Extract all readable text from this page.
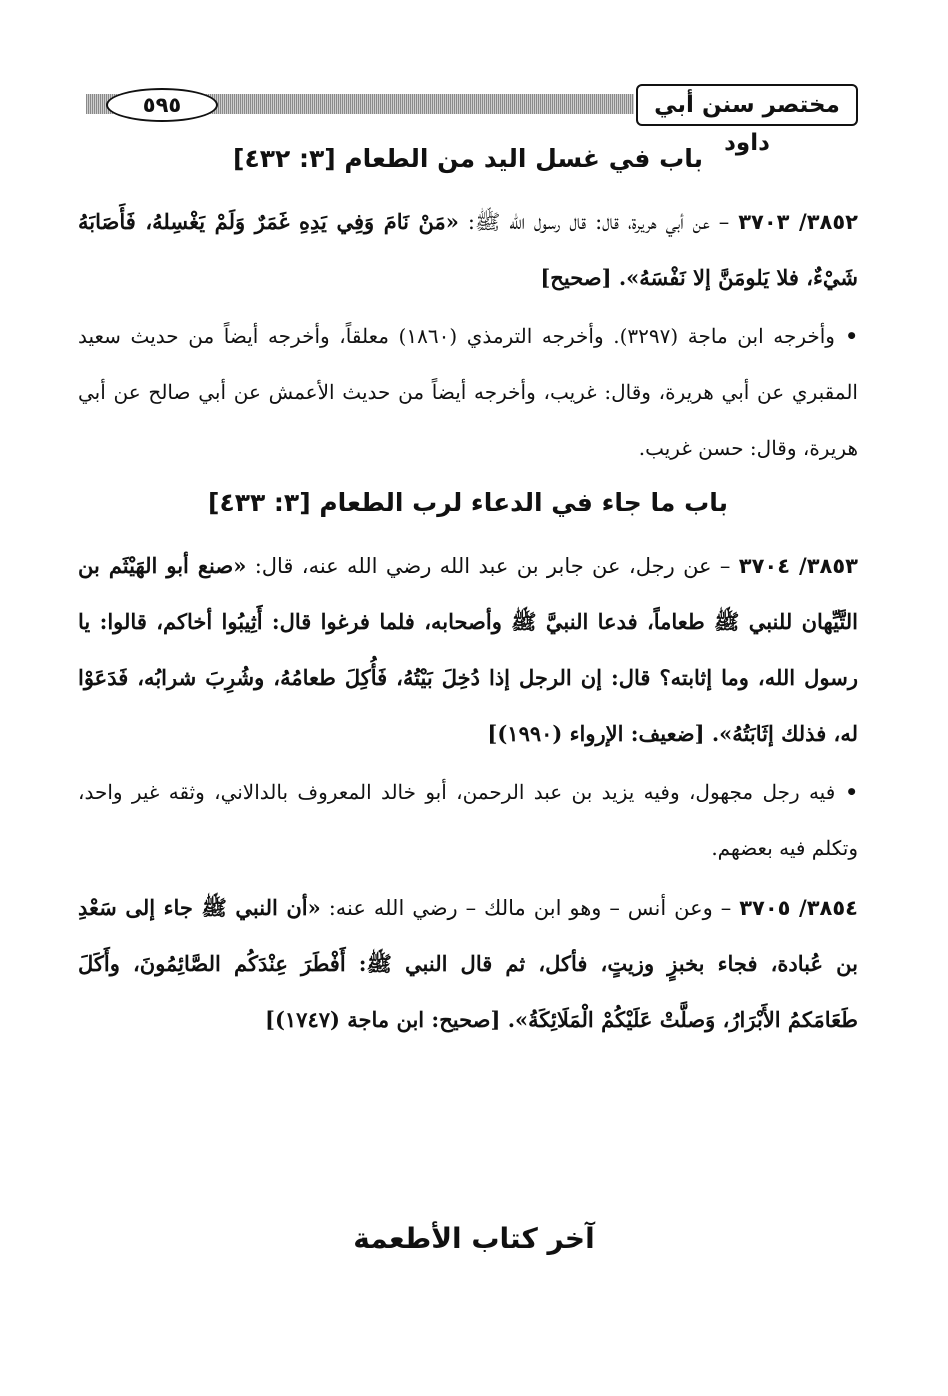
٥٩٥	مختصر سنن أبي داود
باب في غسل اليد من الطعام [٣: ٤٣٢]

٣٨٥٢/ ٣٧٠٣ – عن أبي هريرة، قال: قال رسول الله ﷺ: «مَنْ نَامَ وَفِي يَدِهِ غَمَرٌ وَلَمْ يَغْسِلهُ، فَأَصَابَهُ شَيْءٌ، فلا يَلومَنَّ إلا نَفْسَهُ». [صحيح]

• وأخرجه ابن ماجة (٣٢٩٧). وأخرجه الترمذي (١٨٦٠) معلقاً، وأخرجه أيضاً من حديث سعيد المقبري عن أبي هريرة، وقال: غريب، وأخرجه أيضاً من حديث الأعمش عن أبي صالح عن أبي هريرة، وقال: حسن غريب.

باب ما جاء في الدعاء لرب الطعام [٣: ٤٣٣]

٣٨٥٣/ ٣٧٠٤ – عن رجل، عن جابر بن عبد الله رضي الله عنه، قال: «صنع أبو الهَيْثَم بن التَّيِّهان للنبي ﷺ طعاماً، فدعا النبيَّ ﷺ وأصحابه، فلما فرغوا قال: أَثِيبُوا أخاكم، قالوا: يا رسول الله، وما إثابته؟ قال: إن الرجل إذا دُخِلَ بَيْتُهُ، فَأُكِلَ طعامُهُ، وشُرِبَ شرابُه، فَدَعَوْا له، فذلك إثَابَتُهُ». [ضعيف: الإرواء (١٩٩٠)]

• فيه رجل مجهول، وفيه يزيد بن عبد الرحمن، أبو خالد المعروف بالدالاني، وثقه غير واحد، وتكلم فيه بعضهم.

٣٨٥٤/ ٣٧٠٥ – وعن أنس – وهو ابن مالك – رضي الله عنه: «أن النبي ﷺ جاء إلى سَعْدِ بن عُبادة، فجاء بخبزٍ وزيتٍ، فأكل، ثم قال النبي ﷺ: أَفْطَرَ عِنْدَكُم الصَّائِمُونَ، وأَكَلَ طَعَامَكمُ الأَبْرَارُ، وَصلَّتْ عَلَيْكُمْ الْمَلَائِكَةُ». [صحيح: ابن ماجة (١٧٤٧)]

آخر كتاب الأطعمة
